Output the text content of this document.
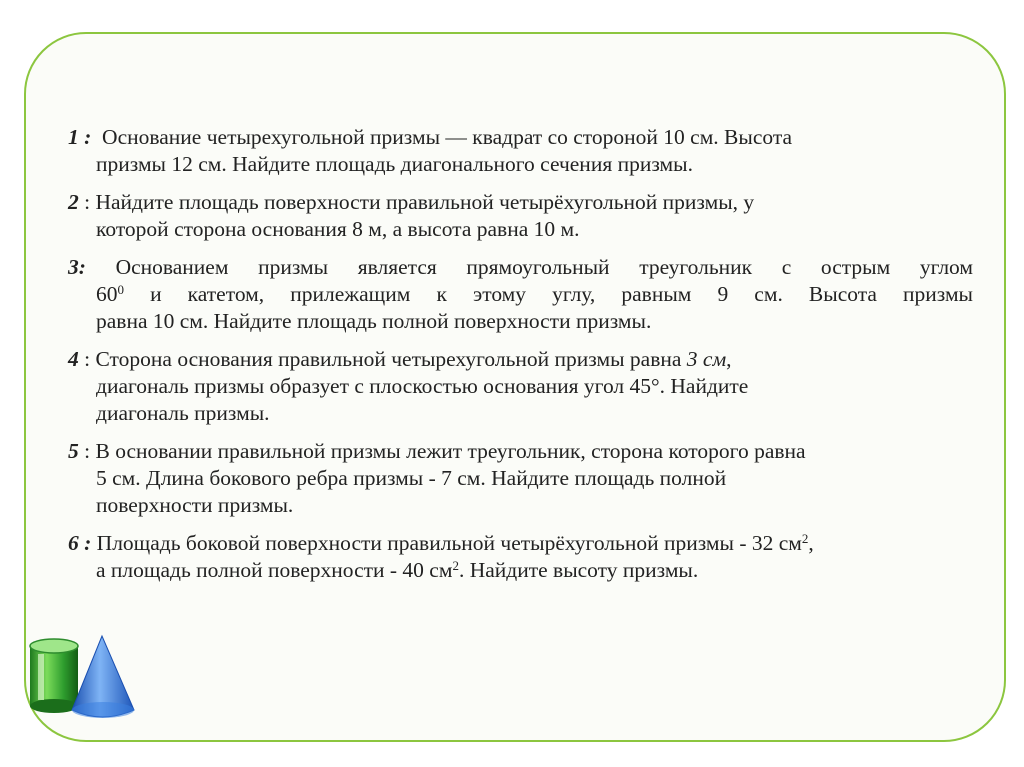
1 : Основание четырехугольной призмы — квадрат со стороной 10 см. Высота
призмы 12 см. Найдите площадь диагонального сечения призмы.
2 : Найдите площадь поверхности правильной четырёхугольной призмы, у
которой сторона основания 8 м, а высота равна 10 м.
3: Основанием призмы является прямоугольный треугольник с острым углом
$60^0$ и катетом, прилежащим к этому углу, равным 9 см. Высота призмы
равна 10 см. Найдите площадь полной поверхности призмы.
4 : Сторона основания правильной четырехугольной призмы равна 3 см,
диагональ призмы образует с плоскостью основания угол 45°. Найдите
диагональ призмы.
5 : В основании правильной призмы лежит треугольник, сторона которого равна
5 см. Длина бокового ребра призмы - 7 см. Найдите площадь полной
поверхности призмы.
6 : Площадь боковой поверхности правильной четырёхугольной призмы - 32 $см^2$,
а площадь полной поверхности - 40 $см^2$. Найдите высоту призмы.
